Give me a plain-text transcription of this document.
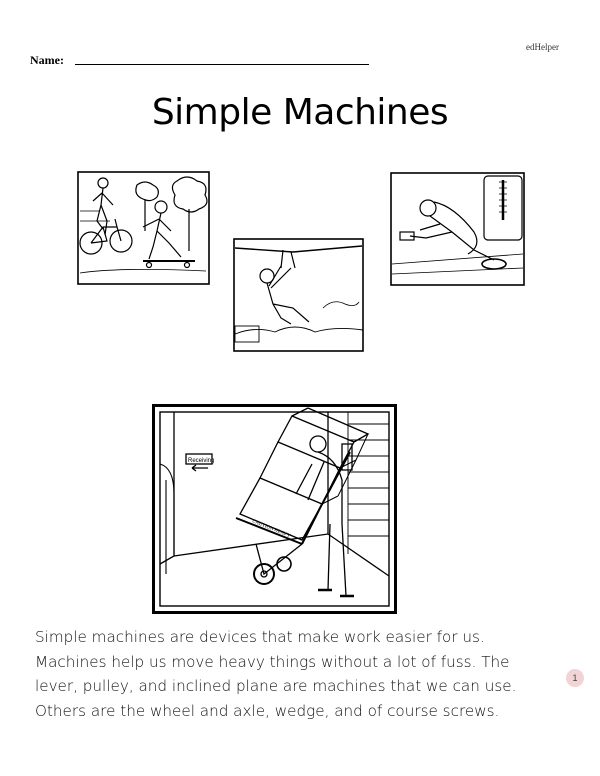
edHelper
Name:
Simple Machines
Receiving
CAUTION HEAVY
Simple machines are devices that make work easier for us.
Machines help us move heavy things without a lot of fuss. The
lever, pulley, and inclined plane are machines that we can use.
Others are the wheel and axle, wedge, and of course screws.
1
